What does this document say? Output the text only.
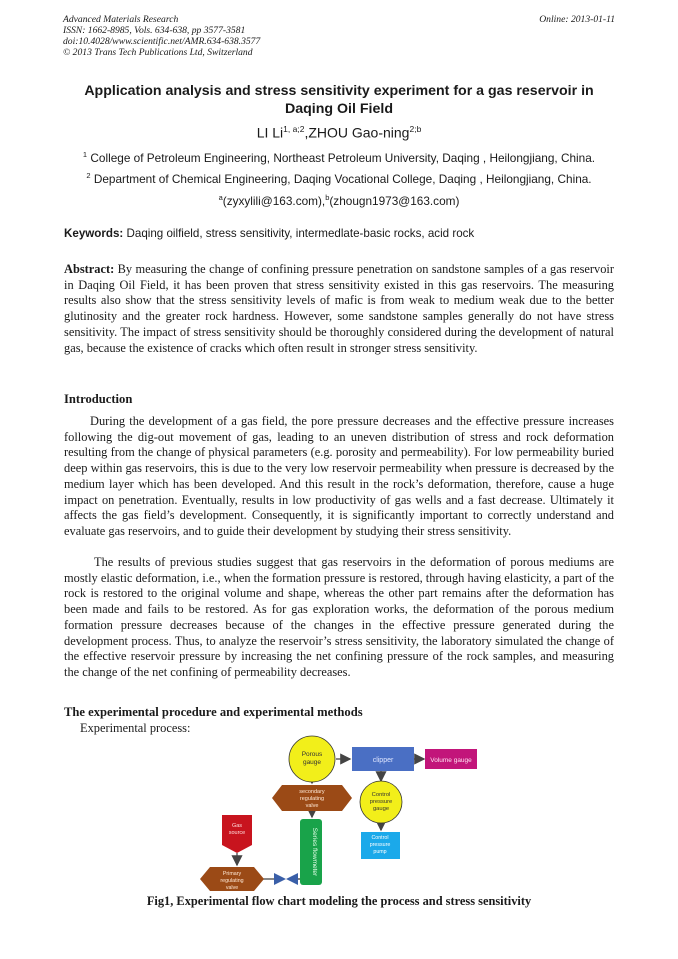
Advanced Materials Research
ISSN: 1662-8985, Vols. 634-638, pp 3577-3581
doi:10.4028/www.scientific.net/AMR.634-638.3577
© 2013 Trans Tech Publications Ltd, Switzerland
Online: 2013-01-11
Application analysis and stress sensitivity experiment for a gas reservoir in Daqing Oil Field
LI Li$^{1, a;2}$,ZHOU Gao-ning$^{2;b}$
$^1$ College of Petroleum Engineering, Northeast Petroleum University, Daqing , Heilongjiang, China.
$^2$ Department of Chemical Engineering, Daqing Vocational College, Daqing , Heilongjiang, China.
$^a$(zyxylili@163.com),$^b$(zhougn1973@163.com)
Keywords: Daqing oilfield, stress sensitivity, intermedlate-basic rocks, acid rock

Abstract: By measuring the change of confining pressure penetration on sandstone samples of a gas reservoir in Daqing Oil Field, it has been proven that stress sensitivity existed in this gas reservoirs. The measuring results also show that the stress sensitivity levels of mafic is from weak to medium weak due to the better glutinosity and the greater rock hardness. However, some sandstone samples generally do not have stress sensitivity. The impact of stress sensitivity should be thoroughly considered during the development of natural gas, because the existence of cracks which often result in stronger stress sensitivity.

Introduction

During the development of a gas field, the pore pressure decreases and the effective pressure increases following the dig-out movement of gas, leading to an uneven distribution of stress and rock deformation resulting from the change of physical parameters (e.g. porosity and permeability). For low permeability buried deep within gas reservoirs, this is due to the very low reservoir permeability when pressure is decreased by the medium layer which has been developed. And this result in the rock’s deformation, therefore, cause a huge impact on penetration. Eventually, results in low productivity of gas wells and a fast decrease. Ultimately it affects the gas field’s development. Consequently, it is significantly important to correctly understand and evaluate gas reservoirs, and to guide their development by studying their stress sensitivity.

The results of previous studies suggest that gas reservoirs in the deformation of porous mediums are mostly elastic deformation, i.e., when the formation pressure is restored, through having elasticity, a part of the rock is restored to the original volume and shape, whereas the other part remains after the deformation has been made and fails to be restored. As for gas exploration works, the deformation of the porous medium formation pressure decreases because of the changes in the effective pressure generated during the development process. Thus, to analyze the reservoir’s stress sensitivity, the laboratory simulated the change of the effective reservoir pressure by increasing the net confining pressure of the rock samples, and measuring the change of the net confining of permeability decreases.

The experimental procedure and experimental methods
Experimental process:
Porous
gauge	clipper	Volume gauge
secondary
regulating
valve
Control
pressure
gauge
Gas
source	Series flowmeter	Control
pressure
pump
Primary
regulating
valve
Fig1, Experimental flow chart modeling the process and stress sensitivity
